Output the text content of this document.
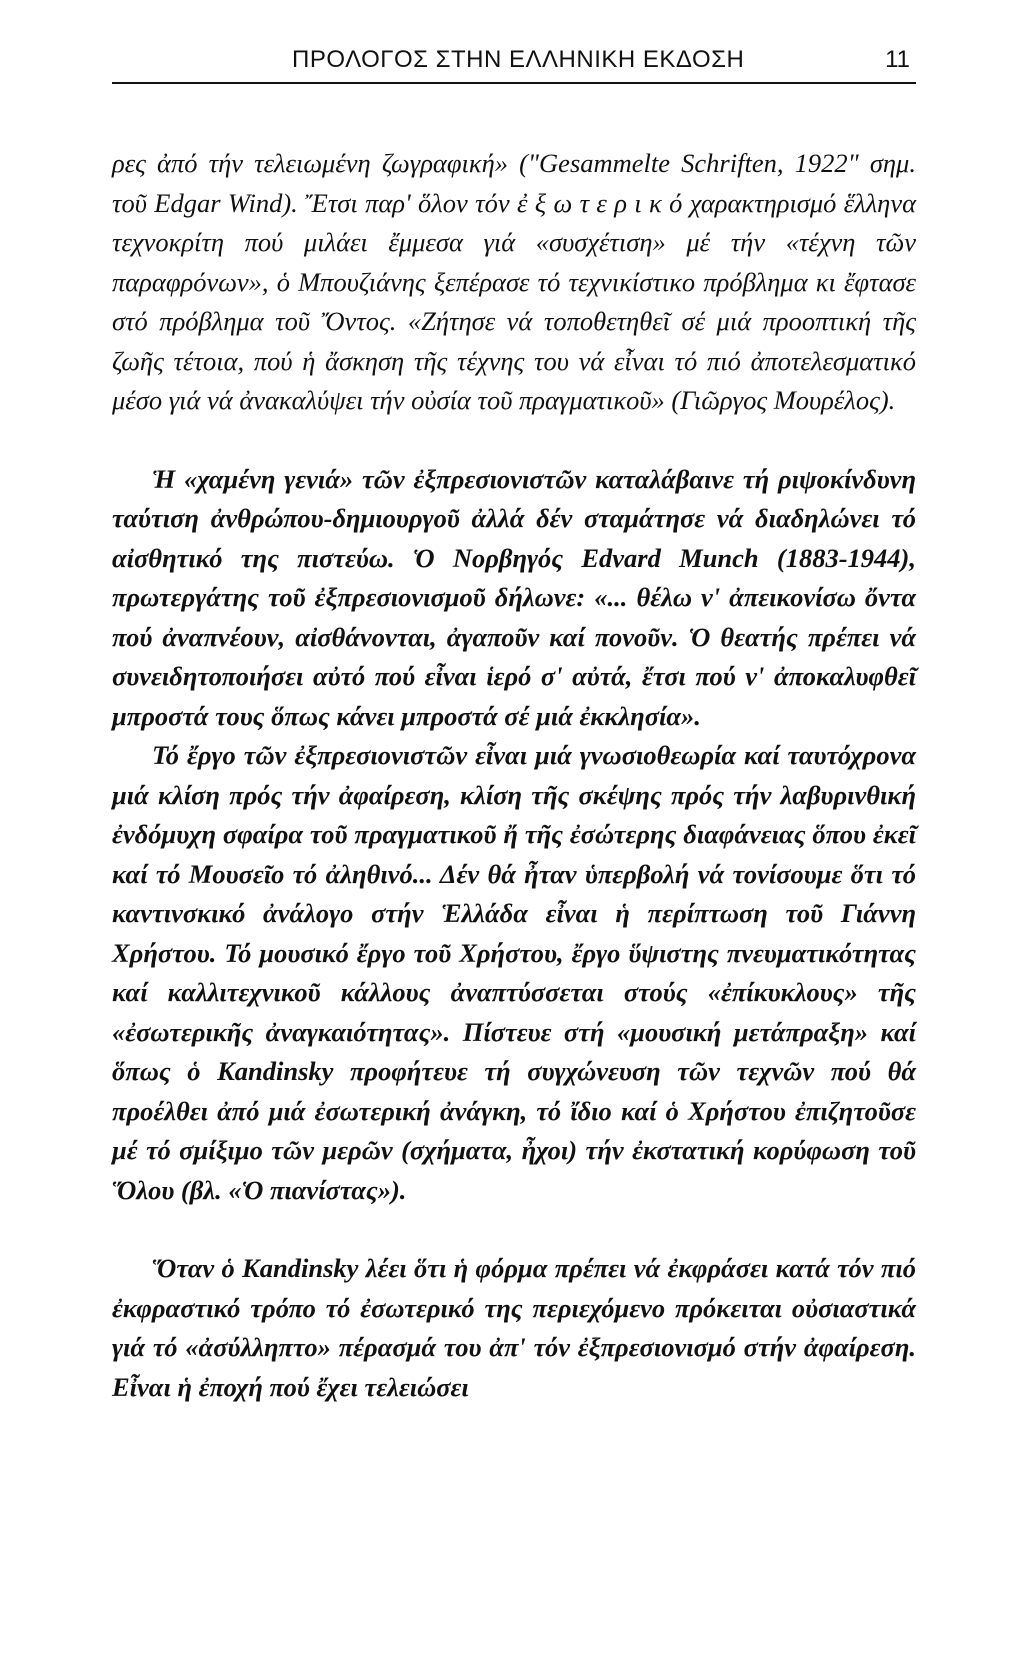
ΠΡΟΛΟΓΟΣ ΣΤΗΝ ΕΛΛΗΝΙΚΗ ΕΚΔΟΣΗ	11

ρες ἀπό τήν τελειωμένη ζωγραφική» ("Gesammelte Schriften, 1922" σημ. τοῦ Edgar Wind). Ἔτσι παρ' ὅλον τόν ἐ ξ ω τ ε ρ ι κ ό χαρακτηρισμό ἕλληνα τεχνοκρίτη πού μιλάει ἔμμεσα γιά «συσχέτιση» μέ τήν «τέχνη τῶν παραφρόνων», ὁ Μπουζιάνης ξεπέρασε τό τεχνικίστικο πρόβλημα κι ἔφτασε στό πρόβλημα τοῦ Ὄντος. «Ζήτησε νά τοποθετηθεῖ σέ μιά προοπτική τῆς ζωῆς τέτοια, πού ἡ ἄσκηση τῆς τέχνης του νά εἶναι τό πιό ἀποτελεσματικό μέσο γιά νά ἀνακαλύψει τήν οὐσία τοῦ πραγματικοῦ» (Γιῶργος Μουρέλος).

Ἡ «χαμένη γενιά» τῶν ἐξπρεσιονιστῶν καταλάβαινε τή ριψοκίνδυνη ταύτιση ἀνθρώπου-δημιουργοῦ ἀλλά δέν σταμάτησε νά διαδηλώνει τό αἰσθητικό της πιστεύω. Ὁ Νορβηγός Edvard Munch (1883-1944), πρωτεργάτης τοῦ ἐξπρεσιονισμοῦ δήλωνε: «... θέλω ν' ἀπεικονίσω ὄντα πού ἀναπνέουν, αἰσθάνονται, ἀγαποῦν καί πονοῦν. Ὁ θεατής πρέπει νά συνειδητοποιήσει αὐτό πού εἶναι ἱερό σ' αὐτά, ἔτσι πού ν' ἀποκαλυφθεῖ μπροστά τους ὅπως κάνει μπροστά σέ μιά ἐκκλησία».

Τό ἔργο τῶν ἐξπρεσιονιστῶν εἶναι μιά γνωσιοθεωρία καί ταυτόχρονα μιά κλίση πρός τήν ἀφαίρεση, κλίση τῆς σκέψης πρός τήν λαβυρινθική ἐνδόμυχη σφαίρα τοῦ πραγματικοῦ ἤ τῆς ἐσώτερης διαφάνειας ὅπου ἐκεῖ καί τό Μουσεῖο τό ἀληθινό... Δέν θά ἦταν ὑπερβολή νά τονίσουμε ὅτι τό καντινσκικό ἀνάλογο στήν Ἑλλάδα εἶναι ἡ περίπτωση τοῦ Γιάννη Χρήστου. Τό μουσικό ἔργο τοῦ Χρήστου, ἔργο ὕψιστης πνευματικότητας καί καλλιτεχνικοῦ κάλλους ἀναπτύσσεται στούς «ἐπίκυκλους» τῆς «ἐσωτερικῆς ἀναγκαιότητας». Πίστευε στή «μουσική μετάπραξη» καί ὅπως ὁ Kandinsky προφήτευε τή συγχώνευση τῶν τεχνῶν πού θά προέλθει ἀπό μιά ἐσωτερική ἀνάγκη, τό ἴδιο καί ὁ Χρήστου ἐπιζητοῦσε μέ τό σμίξιμο τῶν μερῶν (σχήματα, ἦχοι) τήν ἐκστατική κορύφωση τοῦ Ὅλου (βλ. «Ὁ πιανίστας»).

Ὅταν ὁ Kandinsky λέει ὅτι ἡ φόρμα πρέπει νά ἐκφράσει κατά τόν πιό ἐκφραστικό τρόπο τό ἐσωτερικό της περιεχόμενο πρόκειται οὐσιαστικά γιά τό «ἀσύλληπτο» πέρασμά του ἀπ' τόν ἐξπρεσιονισμό στήν ἀφαίρεση. Εἶναι ἡ ἐποχή πού ἔχει τελειώσει
